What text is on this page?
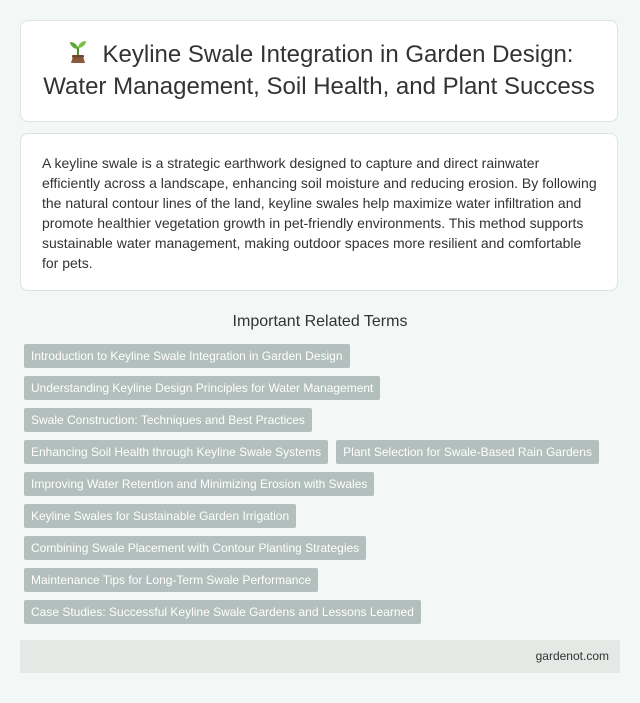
Keyline Swale Integration in Garden Design: Water Management, Soil Health, and Plant Success

A keyline swale is a strategic earthwork designed to capture and direct rainwater efficiently across a landscape, enhancing soil moisture and reducing erosion. By following the natural contour lines of the land, keyline swales help maximize water infiltration and promote healthier vegetation growth in pet-friendly environments. This method supports sustainable water management, making outdoor spaces more resilient and comfortable for pets.

Important Related Terms
Introduction to Keyline Swale Integration in Garden Design
Understanding Keyline Design Principles for Water Management
Swale Construction: Techniques and Best Practices
Enhancing Soil Health through Keyline Swale Systems	Plant Selection for Swale-Based Rain Gardens
Improving Water Retention and Minimizing Erosion with Swales
Keyline Swales for Sustainable Garden Irrigation
Combining Swale Placement with Contour Planting Strategies
Maintenance Tips for Long-Term Swale Performance
Case Studies: Successful Keyline Swale Gardens and Lessons Learned
gardenot.com
